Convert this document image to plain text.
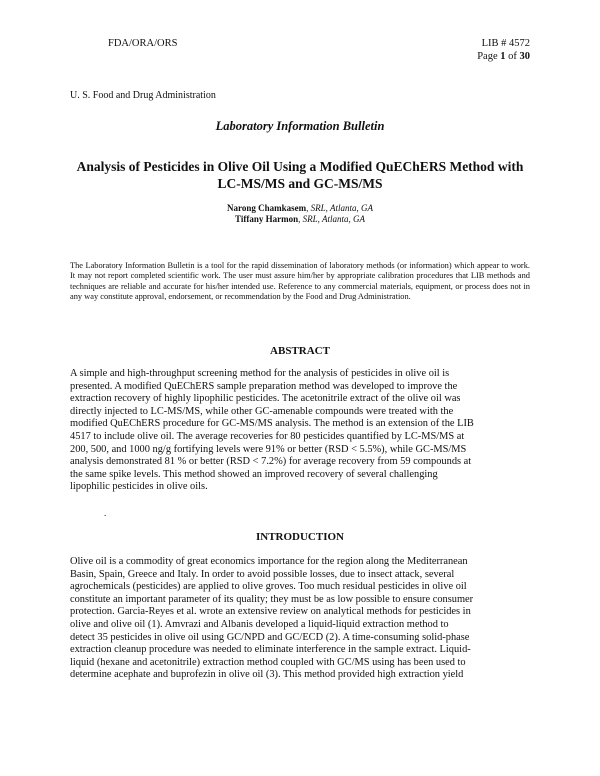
FDA/ORA/ORS	LIB # 4572
Page 1 of 30
U. S. Food and Drug Administration
Laboratory Information Bulletin
Analysis of Pesticides in Olive Oil Using a Modified QuEChERS Method with
LC-MS/MS and GC-MS/MS
Narong Chamkasem, SRL, Atlanta, GA
Tiffany Harmon, SRL, Atlanta, GA
The Laboratory Information Bulletin is a tool for the rapid dissemination of laboratory methods (or information) which appear to work. It may not report completed scientific work. The user must assure him/her by appropriate calibration procedures that LIB methods and techniques are reliable and accurate for his/her intended use. Reference to any commercial materials, equipment, or process does not in any way constitute approval, endorsement, or recommendation by the Food and Drug Administration.
ABSTRACT
A simple and high-throughput screening method for the analysis of pesticides in olive oil is
presented. A modified QuEChERS sample preparation method was developed to improve the
extraction recovery of highly lipophilic pesticides. The acetonitrile extract of the olive oil was
directly injected to LC-MS/MS, while other GC-amenable compounds were treated with the
modified QuEChERS procedure for GC-MS/MS analysis. The method is an extension of the LIB
4517 to include olive oil. The average recoveries for 80 pesticides quantified by LC-MS/MS at
200, 500, and 1000 ng/g fortifying levels were 91% or better (RSD < 5.5%), while GC-MS/MS
analysis demonstrated 81 % or better (RSD < 7.2%) for average recovery from 59 compounds at
the same spike levels. This method showed an improved recovery of several challenging
lipophilic pesticides in olive oils.
.
INTRODUCTION
Olive oil is a commodity of great economics importance for the region along the Mediterranean
Basin, Spain, Greece and Italy. In order to avoid possible losses, due to insect attack, several
agrochemicals (pesticides) are applied to olive groves. Too much residual pesticides in olive oil
constitute an important parameter of its quality; they must be as low possible to ensure consumer
protection. Garcia-Reyes et al. wrote an extensive review on analytical methods for pesticides in
olive and olive oil (1). Amvrazi and Albanis developed a liquid-liquid extraction method to
detect 35 pesticides in olive oil using GC/NPD and GC/ECD (2). A time-consuming solid-phase
extraction cleanup procedure was needed to eliminate interference in the sample extract. Liquid-
liquid (hexane and acetonitrile) extraction method coupled with GC/MS using has been used to
determine acephate and buprofezin in olive oil (3). This method provided high extraction yield
